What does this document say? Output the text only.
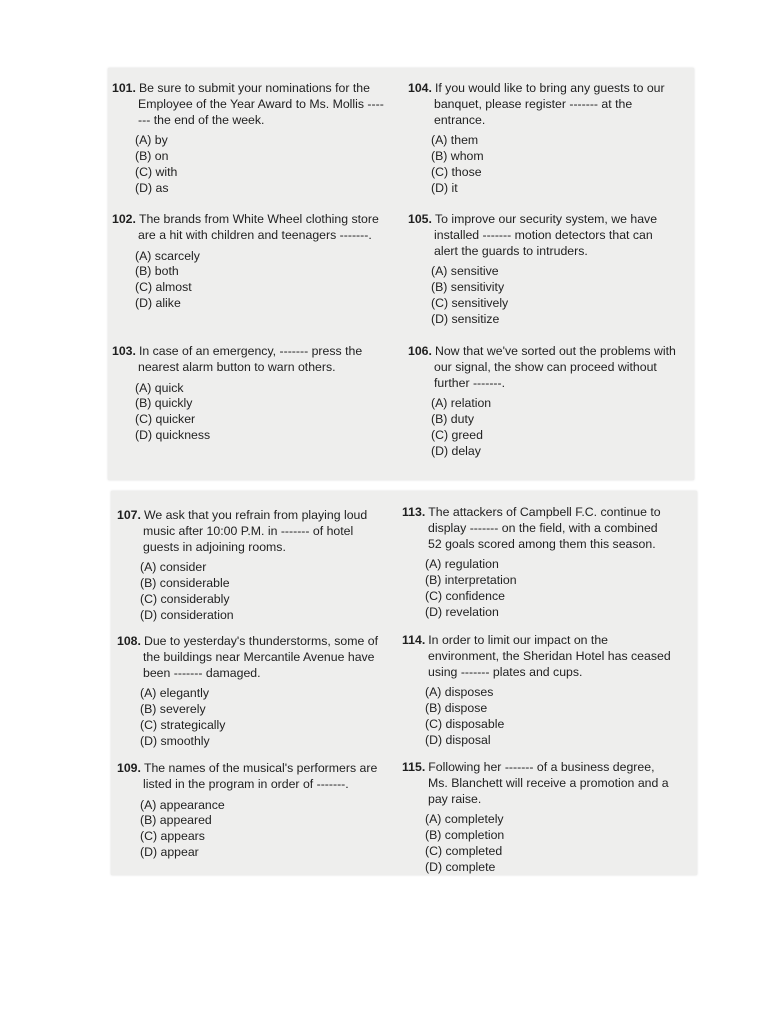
101. Be sure to submit your nominations for the Employee of the Year Award to Ms. Mollis ------- the end of the week.
(A) by
(B) on
(C) with
(D) as
102. The brands from White Wheel clothing store are a hit with children and teenagers -------.
(A) scarcely
(B) both
(C) almost
(D) alike
103. In case of an emergency, ------- press the nearest alarm button to warn others.
(A) quick
(B) quickly
(C) quicker
(D) quickness
104. If you would like to bring any guests to our banquet, please register ------- at the entrance.
(A) them
(B) whom
(C) those
(D) it
105. To improve our security system, we have installed ------- motion detectors that can alert the guards to intruders.
(A) sensitive
(B) sensitivity
(C) sensitively
(D) sensitize
106. Now that we've sorted out the problems with our signal, the show can proceed without further -------.
(A) relation
(B) duty
(C) greed
(D) delay
107. We ask that you refrain from playing loud music after 10:00 P.M. in ------- of hotel guests in adjoining rooms.
(A) consider
(B) considerable
(C) considerably
(D) consideration
108. Due to yesterday's thunderstorms, some of the buildings near Mercantile Avenue have been ------- damaged.
(A) elegantly
(B) severely
(C) strategically
(D) smoothly
109. The names of the musical's performers are listed in the program in order of -------.
(A) appearance
(B) appeared
(C) appears
(D) appear
113. The attackers of Campbell F.C. continue to display ------- on the field, with a combined 52 goals scored among them this season.
(A) regulation
(B) interpretation
(C) confidence
(D) revelation
114. In order to limit our impact on the environment, the Sheridan Hotel has ceased using ------- plates and cups.
(A) disposes
(B) dispose
(C) disposable
(D) disposal
115. Following her ------- of a business degree, Ms. Blanchett will receive a promotion and a pay raise.
(A) completely
(B) completion
(C) completed
(D) complete
